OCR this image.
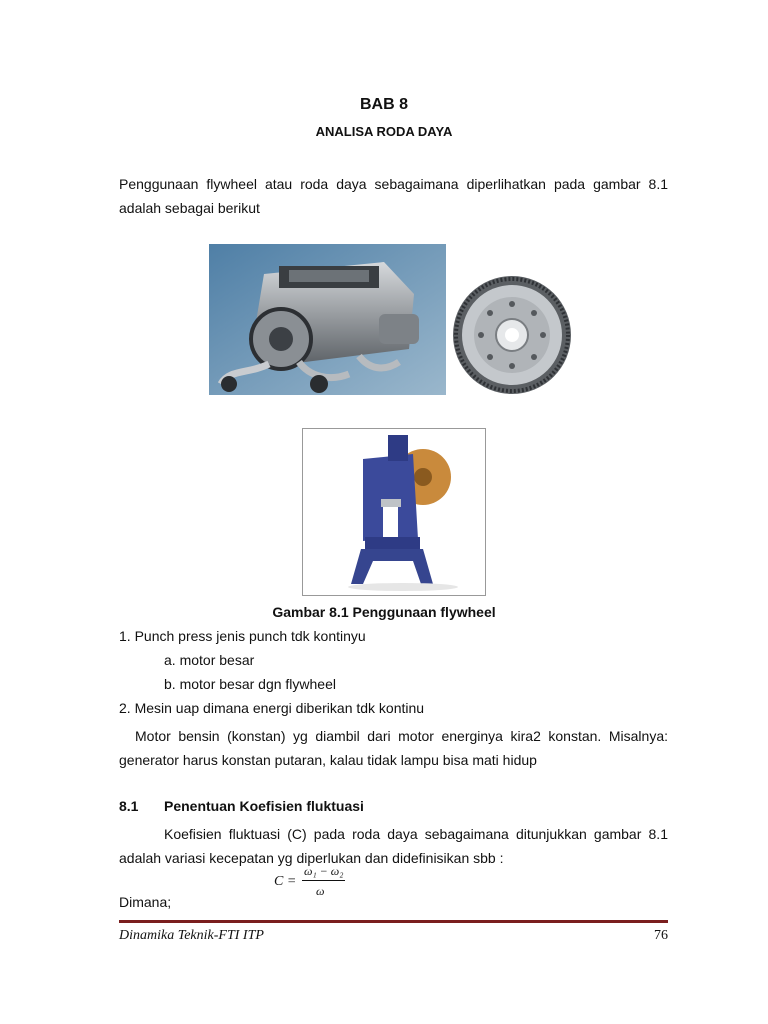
BAB 8
ANALISA RODA DAYA
Penggunaan flywheel atau roda daya sebagaimana diperlihatkan pada gambar 8.1 adalah sebagai berikut
Gambar 8.1 Penggunaan flywheel
1. Punch press jenis punch tdk kontinyu
a. motor besar
b. motor besar dgn flywheel
2. Mesin uap dimana energi diberikan tdk kontinu
Motor bensin (konstan) yg diambil dari motor energinya kira2 konstan. Misalnya: generator harus konstan putaran, kalau tidak lampu bisa mati hidup
8.1 Penentuan Koefisien fluktuasi
Koefisien fluktuasi (C) pada roda daya sebagaimana ditunjukkan gambar 8.1 adalah variasi kecepatan yg diperlukan dan didefinisikan sbb :
C =
ω₁ − ω₂
ω
Dimana;
Dinamika Teknik-FTI ITP	76
